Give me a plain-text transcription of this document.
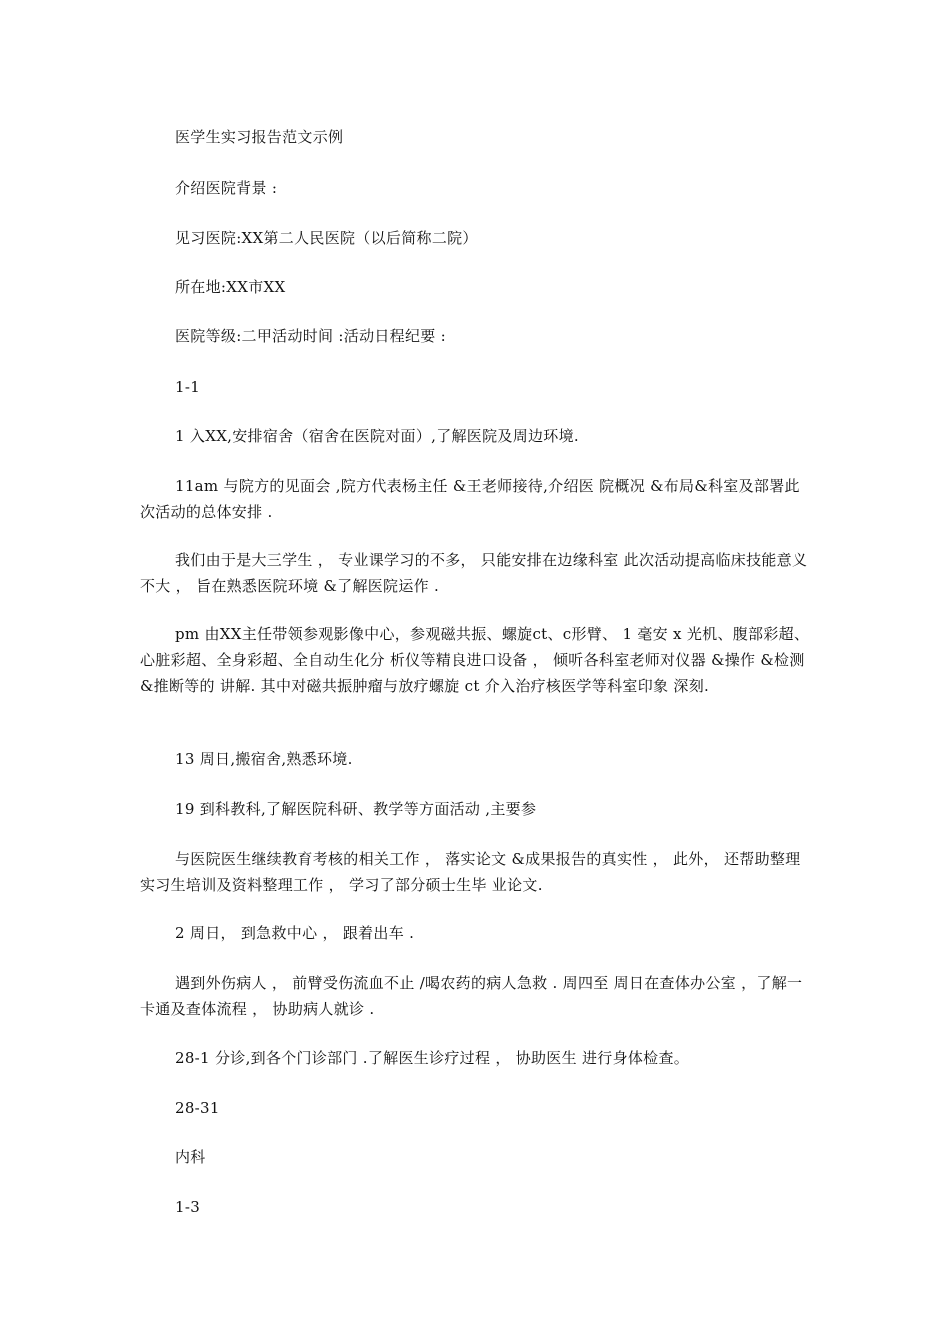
医学生实习报告范文示例

介绍医院背景 :

见习医院:XX第二人民医院（以后简称二院）

所在地:XX市XX

医院等级:二甲活动时间 :活动日程纪要 :

1-1

1 入XX,安排宿舍（宿舍在医院对面）,了解医院及周边环境.

11am 与院方的见面会 ,院方代表杨主任 &王老师接待,介绍医 院概况 &布局&科室及部署此次活动的总体安排 .

我们由于是大三学生 ， 专业课学习的不多， 只能安排在边缘科室 此次活动提高临床技能意义不大 ， 旨在熟悉医院环境 &了解医院运作 .

pm 由XX主任带领参观影像中心，参观磁共振、螺旋ct、c形臂、 1 毫安 x 光机、腹部彩超、心脏彩超、全身彩超、全自动生化分 析仪等精良进口设备 ， 倾听各科室老师对仪器 &操作 &检测&推断等的 讲解. 其中对磁共振肿瘤与放疗螺旋 ct 介入治疗核医学等科室印象 深刻.

13 周日,搬宿舍,熟悉环境.

19 到科教科,了解医院科研、教学等方面活动 ,主要参

与医院医生继续教育考核的相关工作 ， 落实论文 &成果报告的真实性 ， 此外， 还帮助整理实习生培训及资料整理工作 ， 学习了部分硕士生毕 业论文.

2 周日， 到急救中心 ， 跟着出车 .

遇到外伤病人 ， 前臂受伤流血不止 /喝农药的病人急救 . 周四至 周日在查体办公室 ，了解一卡通及查体流程 ， 协助病人就诊 .

28-1 分诊,到各个门诊部门 .了解医生诊疗过程 ， 协助医生 进行身体检查。

28-31

内科

1-3
